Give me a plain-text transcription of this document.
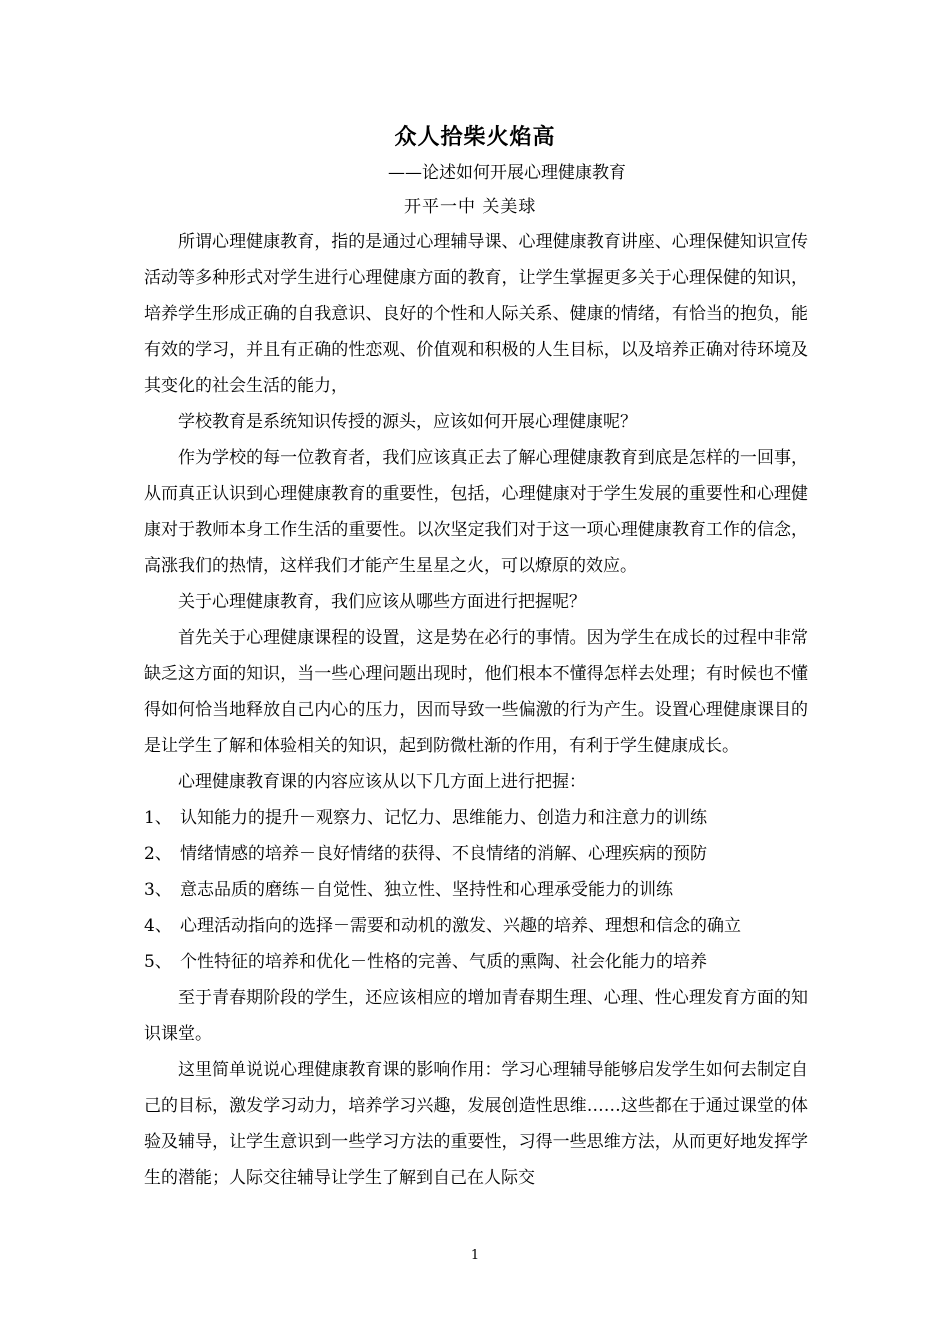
众人拾柴火焰高
——论述如何开展心理健康教育
开平一中 关美球

所谓心理健康教育，指的是通过心理辅导课、心理健康教育讲座、心理保健知识宣传活动等多种形式对学生进行心理健康方面的教育，让学生掌握更多关于心理保健的知识，培养学生形成正确的自我意识、良好的个性和人际关系、健康的情绪，有恰当的抱负，能有效的学习，并且有正确的性恋观、价值观和积极的人生目标，以及培养正确对待环境及其变化的社会生活的能力，

学校教育是系统知识传授的源头，应该如何开展心理健康呢？

作为学校的每一位教育者，我们应该真正去了解心理健康教育到底是怎样的一回事，从而真正认识到心理健康教育的重要性，包括，心理健康对于学生发展的重要性和心理健康对于教师本身工作生活的重要性。以次坚定我们对于这一项心理健康教育工作的信念，高涨我们的热情，这样我们才能产生星星之火，可以燎原的效应。

关于心理健康教育，我们应该从哪些方面进行把握呢？

首先关于心理健康课程的设置，这是势在必行的事情。因为学生在成长的过程中非常缺乏这方面的知识，当一些心理问题出现时，他们根本不懂得怎样去处理；有时候也不懂得如何恰当地释放自己内心的压力，因而导致一些偏激的行为产生。设置心理健康课目的是让学生了解和体验相关的知识，起到防微杜渐的作用，有利于学生健康成长。

心理健康教育课的内容应该从以下几方面上进行把握：

1、 认知能力的提升－观察力、记忆力、思维能力、创造力和注意力的训练
2、 情绪情感的培养－良好情绪的获得、不良情绪的消解、心理疾病的预防
3、 意志品质的磨练－自觉性、独立性、坚持性和心理承受能力的训练
4、 心理活动指向的选择－需要和动机的激发、兴趣的培养、理想和信念的确立
5、 个性特征的培养和优化－性格的完善、气质的熏陶、社会化能力的培养

至于青春期阶段的学生，还应该相应的增加青春期生理、心理、性心理发育方面的知识课堂。

这里简单说说心理健康教育课的影响作用：学习心理辅导能够启发学生如何去制定自己的目标，激发学习动力，培养学习兴趣，发展创造性思维……这些都在于通过课堂的体验及辅导，让学生意识到一些学习方法的重要性，习得一些思维方法，从而更好地发挥学生的潜能；人际交往辅导让学生了解到自己在人际交

1
